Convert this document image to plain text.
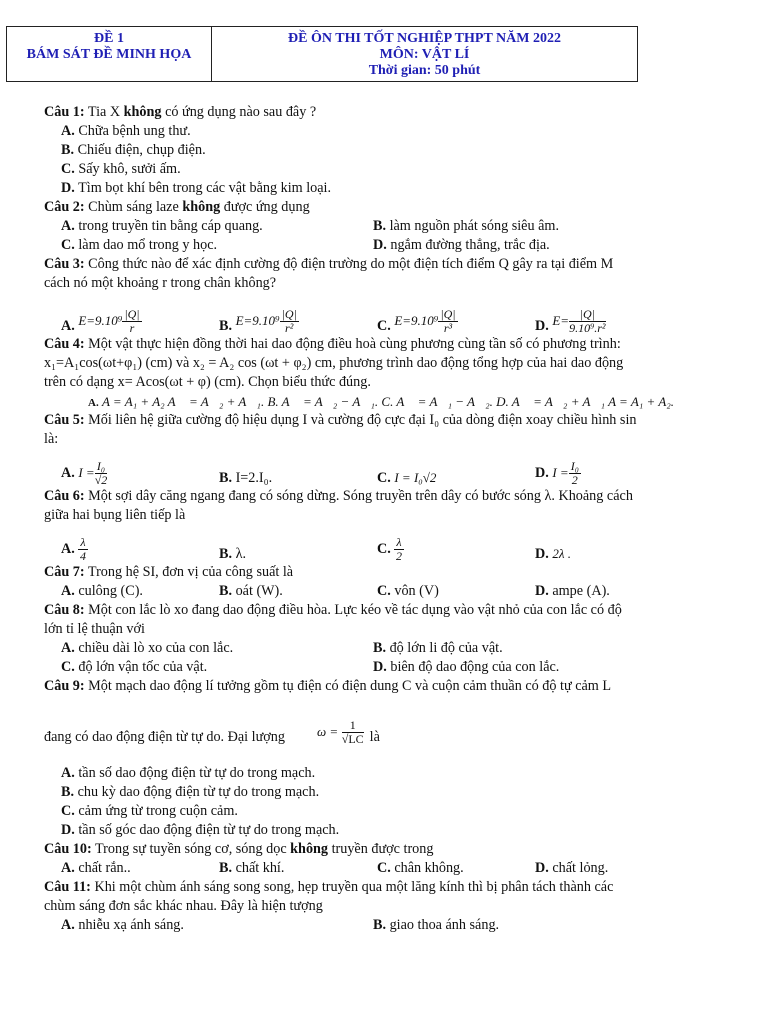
ĐỀ 1
BÁM SÁT ĐỀ MINH HỌA
ĐỀ ÔN THI TỐT NGHIỆP THPT NĂM 2022
MÔN: VẬT LÍ
Thời gian: 50 phút
Câu 1: Tia X không có ứng dụng nào sau đây ?
A. Chữa bệnh ung thư.
B. Chiếu điện, chụp điện.
C. Sấy khô, sưởi ấm.
D. Tìm bọt khí bên trong các vật bằng kim loại.
Câu 2: Chùm sáng laze không được ứng dụng
A. trong truyền tin bằng cáp quang.	B. làm nguồn phát sóng siêu âm.
C. làm dao mổ trong y học.	D. ngắm đường thẳng, trắc địa.
Câu 3: Công thức nào để xác định cường độ điện trường do một điện tích điểm Q gây ra tại điểm M
cách nó một khoảng r trong chân không?
A. $E=9.10^9 \frac{|Q|}{r}$	B. $E=9.10^9 \frac{|Q|}{\text{r²}}$	C. $E=9.10^9 \frac{|Q|}{\text{r³}}$	D. $E= \frac{|Q|}{\text{9.10⁹.r²}}$
Câu 4: Một vật thực hiện đồng thời hai dao động điều hoà cùng phương cùng tần số có phương trình:
x₁=A₁cos(ωt+φ₁) (cm) và x₂ = A₂ cos (ωt + φ₂) cm, phương trình dao động tổng hợp của hai dao động
trên có dạng x= Acos(ωt + φ) (cm). Chọn biểu thức đúng.
A. A = A₁ + A₂ A⃗ = A⃗₂ + A⃗₁. B. A⃗ = A⃗₂ − A⃗₁. C. A⃗ = A⃗₁ − A⃗₂. D. A⃗ = A⃗₂ + A⃗₁ A = A₁ + A₂.
Câu 5: Mối liên hệ giữa cường độ hiệu dụng I và cường độ cực đại I₀ của dòng điện xoay chiều hình sin
là:
A. $I = \frac{\text{I₀}}{√2}$	B. I=2.I₀.	C. I = I₀√2	D. $I = \frac{\text{I₀}}{2}$
Câu 6: Một sợi dây căng ngang đang có sóng dừng. Sóng truyền trên dây có bước sóng λ. Khoảng cách
giữa hai bụng liên tiếp là
A. $\frac{\lambda}{4}$	B. λ.	C. $\frac{\lambda}{2}$	D. 2λ .
Câu 7: Trong hệ SI, đơn vị của công suất là
A. culông (C).	B. oát (W).	C. vôn (V)	D. ampe (A).
Câu 8: Một con lắc lò xo đang dao động điều hòa. Lực kéo về tác dụng vào vật nhỏ của con lắc có độ
lớn tỉ lệ thuận với
A. chiều dài lò xo của con lắc.	B. độ lớn li độ của vật.
C. độ lớn vận tốc của vật.	D. biên độ dao động của con lắc.
Câu 9: Một mạch dao động lí tưởng gồm tụ điện có điện dung C và cuộn cảm thuần có độ tự cảm L
đang có dao động điện từ tự do. Đại lượng $\omega = \frac{1}{√LC}$ là
A. tần số dao động điện từ tự do trong mạch.
B. chu kỳ dao động điện từ tự do trong mạch.
C. cảm ứng từ trong cuộn cảm.
D. tần số góc dao động điện từ tự do trong mạch.
Câu 10: Trong sự tuyền sóng cơ, sóng dọc không truyền được trong
A. chất rắn..	B. chất khí.	C. chân không.	D. chất lỏng.
Câu 11: Khi một chùm ánh sáng song song, hẹp truyền qua một lăng kính thì bị phân tách thành các
chùm sáng đơn sắc khác nhau. Đây là hiện tượng
A. nhiễu xạ ánh sáng.	B. giao thoa ánh sáng.
